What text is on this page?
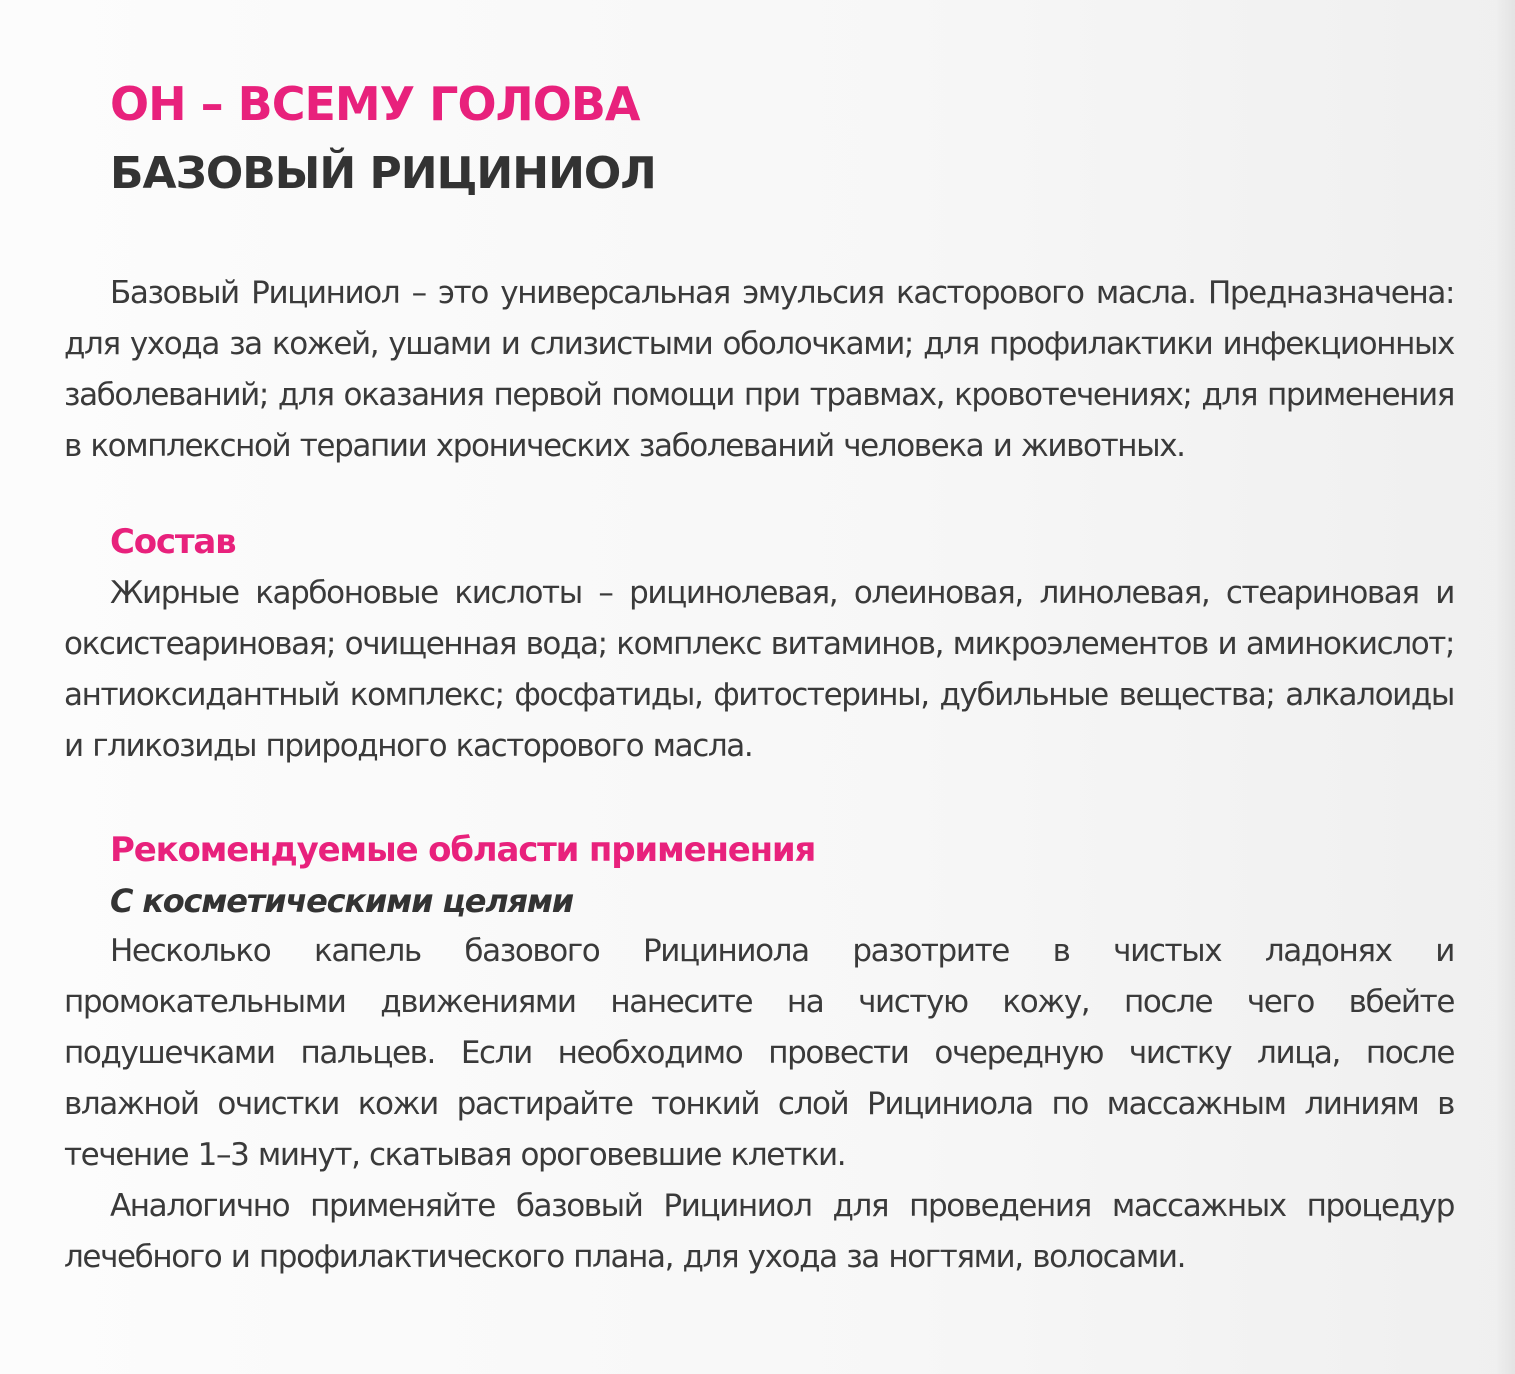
ОН – ВСЕМУ ГОЛОВА
БАЗОВЫЙ РИЦИНИОЛ

Базовый Рициниол – это универсальная эмульсия касторового масла. Предназначена: для ухода за кожей, ушами и слизистыми оболочками; для профилактики инфекционных заболеваний; для оказания первой помощи при травмах, кровотечениях; для применения в комплексной терапии хронических заболеваний человека и животных.

Состав

Жирные карбоновые кислоты – рицинолевая, олеиновая, линолевая, стеариновая и оксистеариновая; очищенная вода; комплекс витаминов, микроэлементов и аминокислот; антиоксидантный комплекс; фосфатиды, фитостерины, дубильные вещества; алкалоиды и гликозиды природного касторового масла.

Рекомендуемые области применения
С косметическими целями

Несколько капель базового Рициниола разотрите в чистых ладонях и промокательными движениями нанесите на чистую кожу, после чего вбейте подушечками пальцев. Если необходимо провести очередную чистку лица, после влажной очистки кожи растирайте тонкий слой Рициниола по массажным линиям в течение 1–3 минут, скатывая ороговевшие клетки.

Аналогично применяйте базовый Рициниол для проведения массажных процедур лечебного и профилактического плана, для ухода за ногтями, волосами.
